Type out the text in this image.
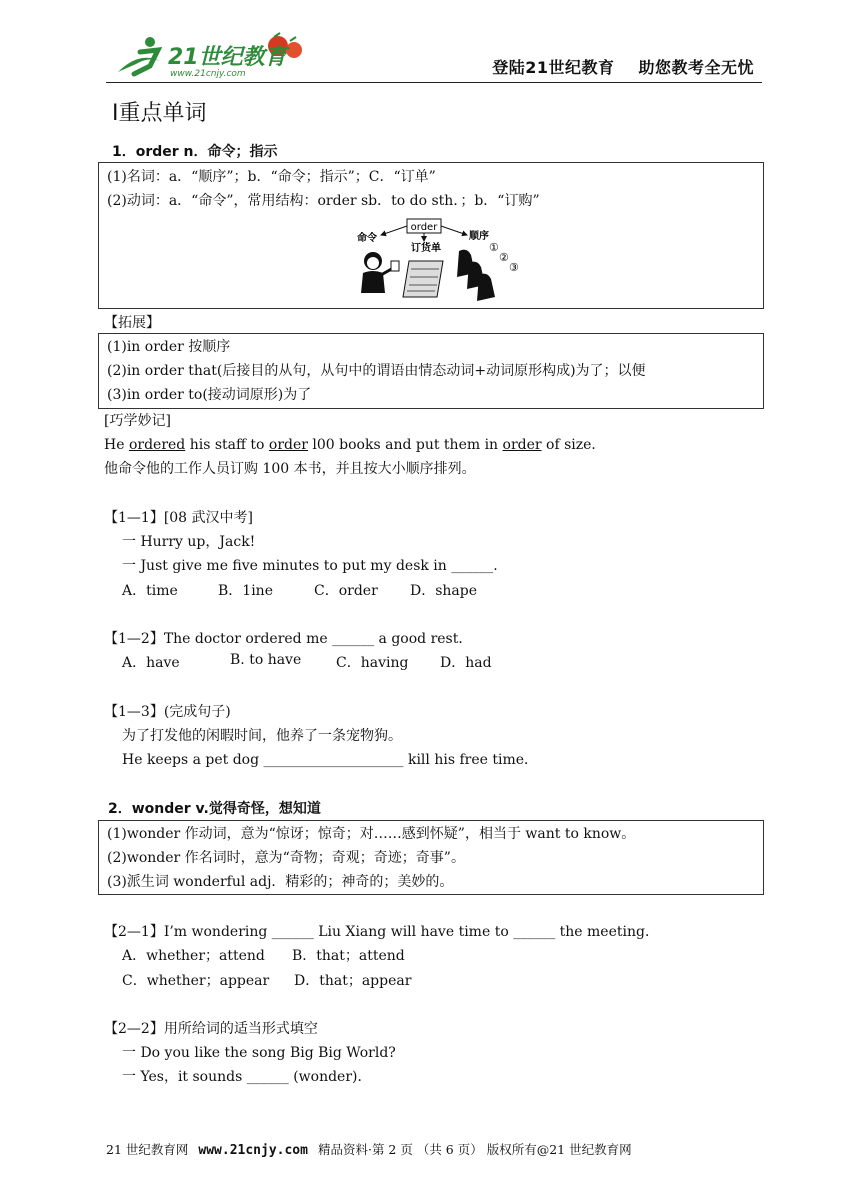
21世纪教育
www.21cnjy.com	登陆21世纪教育 助您教考全无忧
Ⅰ重点单词
1．order n．命令；指示
(1)名词：a．“顺序”；b．“命令；指示”；C．“订单”
(2)动词：a．“命令”，常用结构：order sb．to do sth．；b．“订购”
order
命令
订货单
顺序
①
②
③
【拓展】
(1)in order 按顺序
(2)in order that(后接目的从句，从句中的谓语由情态动词+动词原形构成)为了；以便
(3)in order to(接动词原形)为了
[巧学妙记]
He ordered his staff to order l00 books and put them in order of size．
他命令他的工作人员订购 100 本书，并且按大小顺序排列。
【1—1】[08 武汉中考]
一 Hurry up，Jack!
一 Just give me five minutes to put my desk in ______.
A．time	B．1ine	C．order D．shape
【1—2】The doctor ordered me ______ a good rest．
A．have	B. to have C．having D．had
【1—3】(完成句子)
为了打发他的闲暇时间，他养了一条宠物狗。
He keeps a pet dog ____________________ kill his free time．
2．wonder v.觉得奇怪，想知道
(1)wonder 作动词，意为“惊讶；惊奇；对……感到怀疑”，相当于 want to know。
(2)wonder 作名词时，意为“奇物；奇观；奇迹；奇事”。
(3)派生词 wonderful adj．精彩的；神奇的；美妙的。
【2—1】I’m wondering ______ Liu Xiang will have time to ______ the meeting．
A．whether；attend B．that；attend
C．whether；appear D．that；appear
【2—2】用所给词的适当形式填空
一 Do you like the song Big Big World?
一 Yes，it sounds ______ (wonder)．
21 世纪教育网 www.21cnjy.com 精品资料·第 2 页 （共 6 页） 版权所有@21 世纪教育网
